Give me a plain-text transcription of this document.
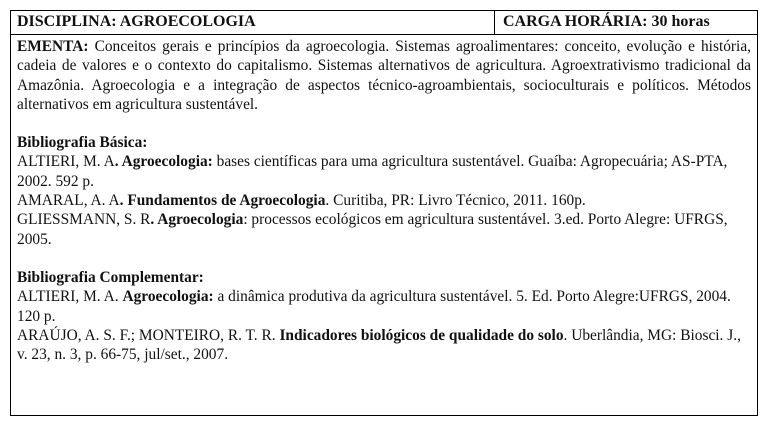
DISCIPLINA: AGROECOLOGIA	CARGA HORÁRIA: 30 horas

EMENTA: Conceitos gerais e princípios da agroecologia. Sistemas agroalimentares: conceito, evolução e história, cadeia de valores e o contexto do capitalismo. Sistemas alternativos de agricultura. Agroextrativismo tradicional da Amazônia. Agroecologia e a integração de aspectos técnico-agroambientais, socioculturais e políticos. Métodos alternativos em agricultura sustentável.

Bibliografia Básica:

ALTIERI, M. A. Agroecologia: bases científicas para uma agricultura sustentável. Guaíba: Agropecuária; AS-PTA, 2002. 592 p.

AMARAL, A. A. Fundamentos de Agroecologia. Curitiba, PR: Livro Técnico, 2011. 160p.

GLIESSMANN, S. R. Agroecologia: processos ecológicos em agricultura sustentável. 3.ed. Porto Alegre: UFRGS, 2005.

Bibliografia Complementar:

ALTIERI, M. A. Agroecologia: a dinâmica produtiva da agricultura sustentável. 5. Ed. Porto Alegre:UFRGS, 2004. 120 p.

ARAÚJO, A. S. F.; MONTEIRO, R. T. R. Indicadores biológicos de qualidade do solo. Uberlândia, MG: Biosci. J., v. 23, n. 3, p. 66-75, jul/set., 2007.
